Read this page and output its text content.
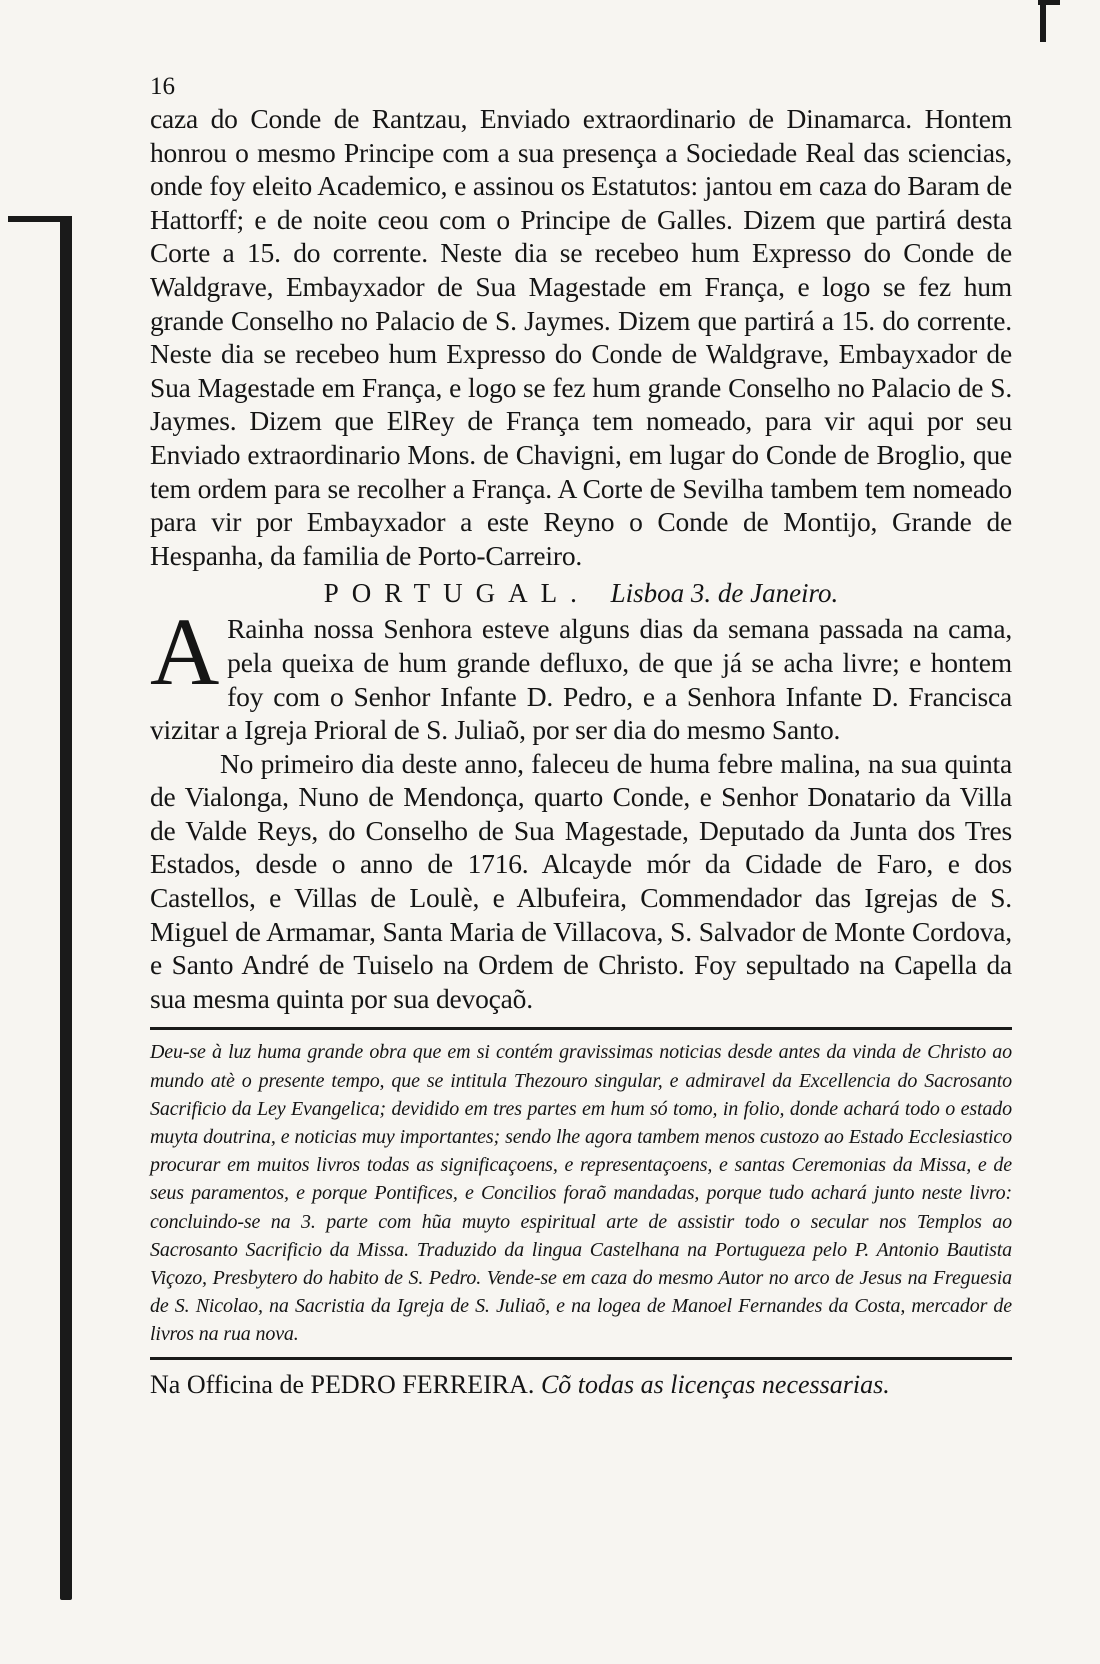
16

caza do Conde de Rantzau, Enviado extraordinario de Dinamarca. Hontem honrou o mesmo Principe com a sua presença a Sociedade Real das sciencias, onde foy eleito Academico, e assinou os Estatutos: jantou em caza do Baram de Hattorff; e de noite ceou com o Principe de Galles. Dizem que partirá desta Corte a 15. do corrente. Neste dia se recebeo hum Expresso do Conde de Waldgrave, Embayxador de Sua Magestade em França, e logo se fez hum grande Conselho no Palacio de S. Jaymes. Dizem que partirá a 15. do corrente. Neste dia se recebeo hum Expresso do Conde de Waldgrave, Embayxador de Sua Magestade em França, e logo se fez hum grande Conselho no Palacio de S. Jaymes. Dizem que ElRey de França tem nomeado, para vir aqui por seu Enviado extraordinario Mons. de Chavigni, em lugar do Conde de Broglio, que tem ordem para se recolher a França. A Corte de Sevilha tambem tem nomeado para vir por Embayxador a este Reyno o Conde de Montijo, Grande de Hespanha, da familia de Porto-Carreiro.

PORTUGAL. Lisboa 3. de Janeiro.

A Rainha nossa Senhora esteve alguns dias da semana passada na cama, pela queixa de hum grande defluxo, de que já se acha livre; e hontem foy com o Senhor Infante D. Pedro, e a Senhora Infante D. Francisca vizitar a Igreja Prioral de S. Juliaõ, por ser dia do mesmo Santo.

No primeiro dia deste anno, faleceu de huma febre malina, na sua quinta de Vialonga, Nuno de Mendonça, quarto Conde, e Senhor Donatario da Villa de Valde Reys, do Conselho de Sua Magestade, Deputado da Junta dos Tres Estados, desde o anno de 1716. Alcayde mór da Cidade de Faro, e dos Castellos, e Villas de Loulè, e Albufeira, Commendador das Igrejas de S. Miguel de Armamar, Santa Maria de Villacova, S. Salvador de Monte Cordova, e Santo André de Tuiselo na Ordem de Christo. Foy sepultado na Capella da sua mesma quinta por sua devoçaõ.

Deu-se à luz huma grande obra que em si contém gravissimas noticias desde antes da vinda de Christo ao mundo atè o presente tempo, que se intitula Thezouro singular, e admiravel da Excellencia do Sacrosanto Sacrificio da Ley Evangelica; devidido em tres partes em hum só tomo, in folio, donde achará todo o estado muyta doutrina, e noticias muy importantes; sendo lhe agora tambem menos custozo ao Estado Ecclesiastico procurar em muitos livros todas as significaçoens, e representaçoens, e santas Ceremonias da Missa, e de seus paramentos, e porque Pontifices, e Concilios foraõ mandadas, porque tudo achará junto neste livro: concluindo-se na 3. parte com hũa muyto espiritual arte de assistir todo o secular nos Templos ao Sacrosanto Sacrificio da Missa. Traduzido da lingua Castelhana na Portugueza pelo P. Antonio Bautista Viçozo, Presbytero do habito de S. Pedro. Vende-se em caza do mesmo Autor no arco de Jesus na Freguesia de S. Nicolao, na Sacristia da Igreja de S. Juliaõ, e na logea de Manoel Fernandes da Costa, mercador de livros na rua nova.

Na Officina de PEDRO FERREIRA. Cõ todas as licenças necessarias.
